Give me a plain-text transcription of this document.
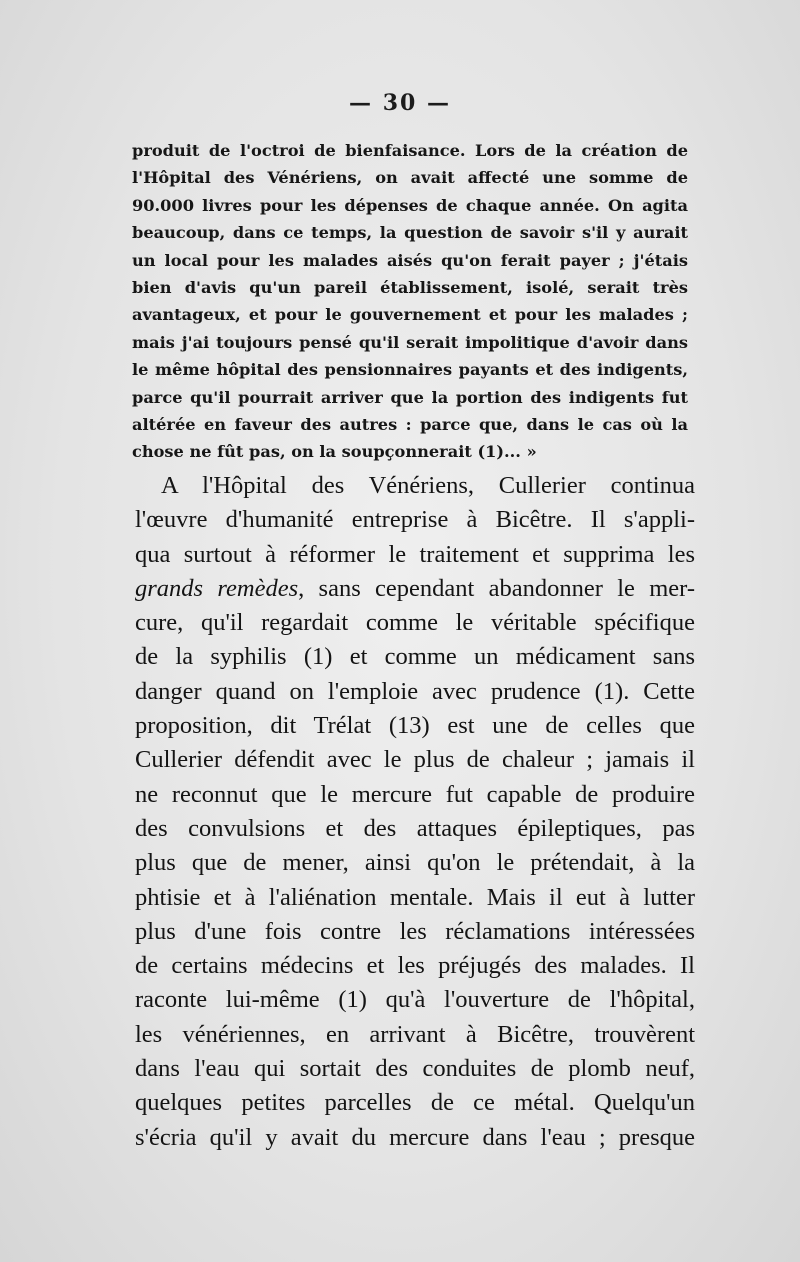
— 30 —
produit de l'octroi de bienfaisance. Lors de la création de
l'Hôpital des Vénériens, on avait affecté une somme de
90.000 livres pour les dépenses de chaque année. On agita
beaucoup, dans ce temps, la question de savoir s'il y aurait
un local pour les malades aisés qu'on ferait payer ; j'étais
bien d'avis qu'un pareil établissement, isolé, serait très
avantageux, et pour le gouvernement et pour les malades ;
mais j'ai toujours pensé qu'il serait impolitique d'avoir dans
le même hôpital des pensionnaires payants et des indigents,
parce qu'il pourrait arriver que la portion des indigents fut
altérée en faveur des autres : parce que, dans le cas où la
chose ne fût pas, on la soupçonnerait (1)... »
A l'Hôpital des Vénériens, Cullerier continua
l'œuvre d'humanité entreprise à Bicêtre. Il s'appli-
qua surtout à réformer le traitement et supprima les
grands remèdes, sans cependant abandonner le mer-
cure, qu'il regardait comme le véritable spécifique
de la syphilis (1) et comme un médicament sans
danger quand on l'emploie avec prudence (1). Cette
proposition, dit Trélat (13) est une de celles que
Cullerier défendit avec le plus de chaleur ; jamais il
ne reconnut que le mercure fut capable de produire
des convulsions et des attaques épileptiques, pas
plus que de mener, ainsi qu'on le prétendait, à la
phtisie et à l'aliénation mentale. Mais il eut à lutter
plus d'une fois contre les réclamations intéressées
de certains médecins et les préjugés des malades. Il
raconte lui-même (1) qu'à l'ouverture de l'hôpital,
les vénériennes, en arrivant à Bicêtre, trouvèrent
dans l'eau qui sortait des conduites de plomb neuf,
quelques petites parcelles de ce métal. Quelqu'un
s'écria qu'il y avait du mercure dans l'eau ; presque
